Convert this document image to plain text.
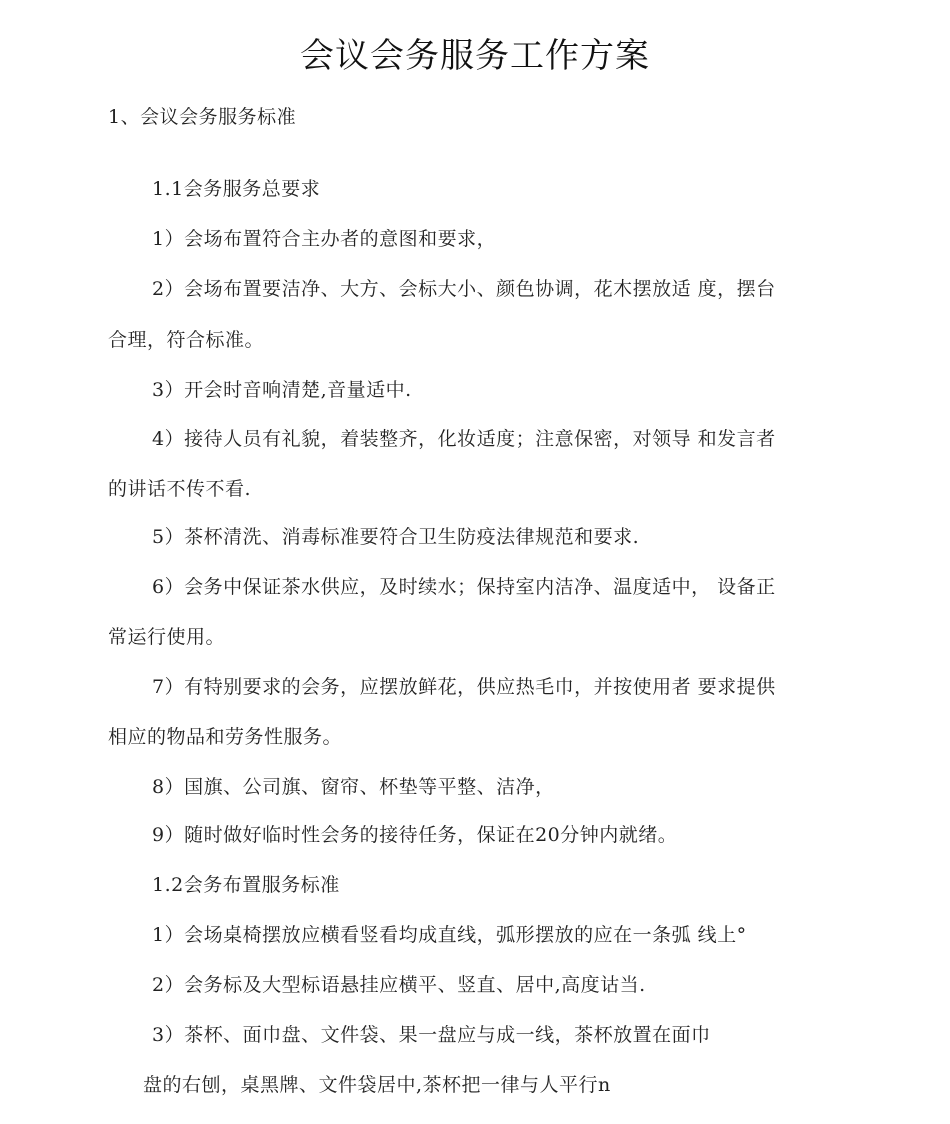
会议会务服务工作方案
1、会议会务服务标准
1.1会务服务总要求
1）会场布置符合主办者的意图和要求，
2）会场布置要洁净、大方、会标大小、颜色协调，花木摆放适 度，摆台
合理，符合标准。
3）开会时音响清楚,音量适中.
4）接待人员有礼貌，着装整齐，化妆适度；注意保密，对领导 和发言者
的讲话不传不看.
5）茶杯清洗、消毒标准要符合卫生防疫法律规范和要求.
6）会务中保证茶水供应，及时续水；保持室内洁净、温度适中， 设备正
常运行使用。
7）有特别要求的会务，应摆放鲜花，供应热毛巾，并按使用者 要求提供
相应的物品和劳务性服务。
8）国旗、公司旗、窗帘、杯垫等平整、洁净，
9）随时做好临时性会务的接待任务，保证在20分钟内就绪。
1.2会务布置服务标准
1）会场桌椅摆放应横看竖看均成直线，弧形摆放的应在一条弧 线上°
2）会务标及大型标语悬挂应横平、竖直、居中,高度诂当.
3）茶杯、面巾盘、文件袋、果一盘应与成一线，茶杯放置在面巾
盘的右刨，桌黑牌、文件袋居中,茶杯把一律与人平行n
